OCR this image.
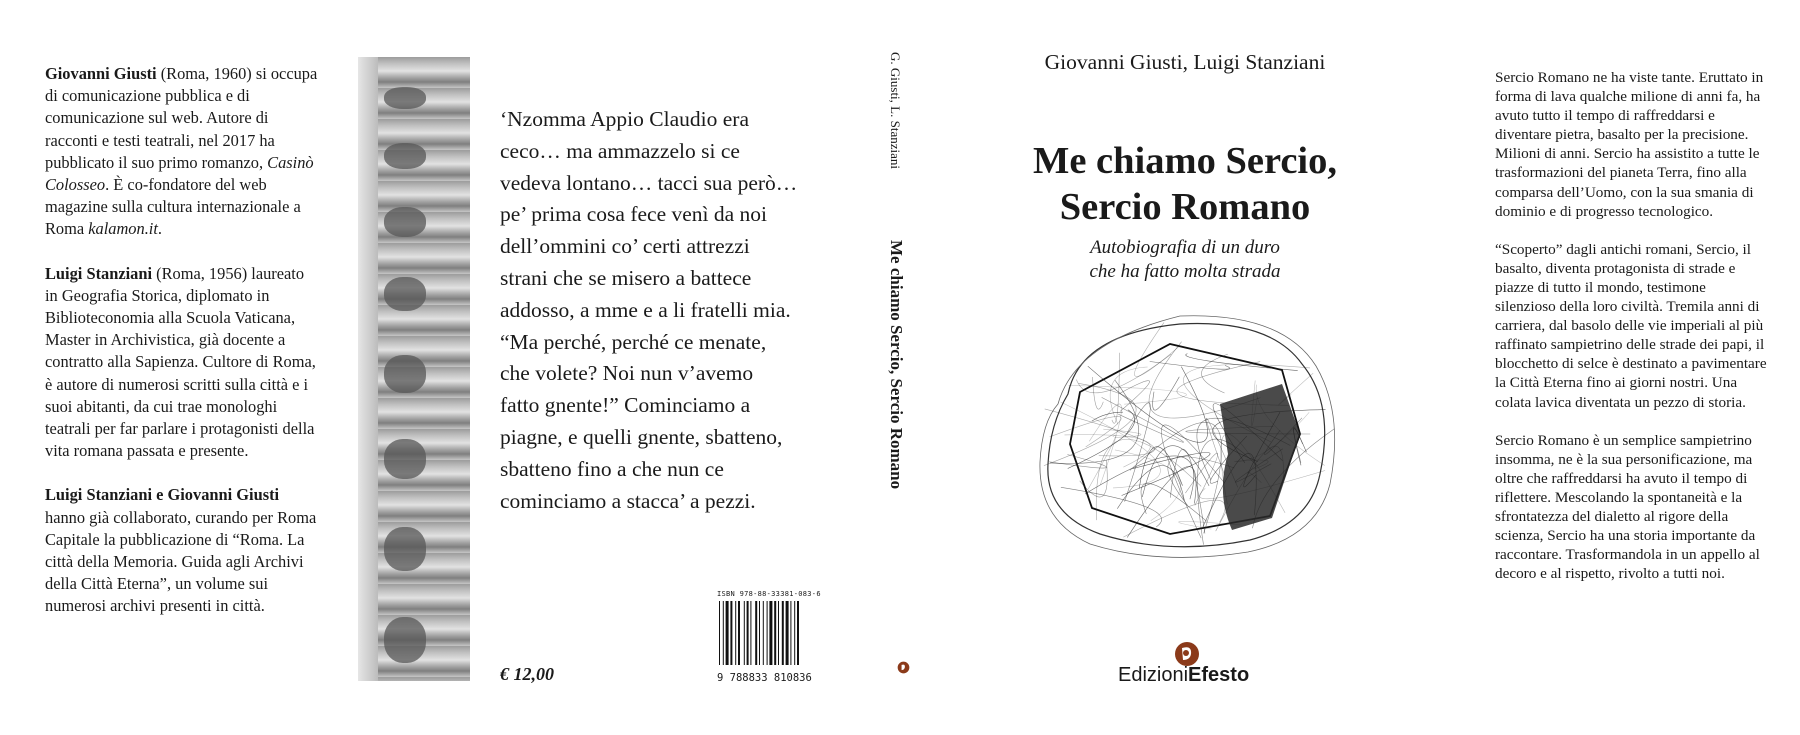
Giovanni Giusti (Roma, 1960) si occupa di comunicazione pubblica e di comunicazione sul web. Autore di racconti e testi teatrali, nel 2017 ha pubblicato il suo primo romanzo, Casinò Colosseo. È co-fondatore del web magazine sulla cultura internazionale a Roma kalamon.it.

Luigi Stanziani (Roma, 1956) laureato in Geografia Storica, diplomato in Biblioteconomia alla Scuola Vaticana, Master in Archivistica, già docente a contratto alla Sapienza. Cultore di Roma, è autore di numerosi scritti sulla città e i suoi abitanti, da cui trae monologhi teatrali per far parlare i protagonisti della vita romana passata e presente.

Luigi Stanziani e Giovanni Giusti hanno già collaborato, curando per Roma Capitale la pubblicazione di “Roma. La città della Memoria. Guida agli Archivi della Città Eterna”, un volume sui numerosi archivi presenti in città.

‘Nzomma Appio Claudio era
ceco… ma ammazzelo si ce
vedeva lontano… tacci sua però…
pe’ prima cosa fece venì da noi
dell’ommini co’ certi attrezzi
strani che se misero a battece
addosso, a mme e a li fratelli mia.
“Ma perché, perché ce menate,
che volete? Noi nun v’avemo
fatto gnente!” Cominciamo a
piagne, e quelli gnente, sbatteno,
sbatteno fino a che nun ce
cominciamo a stacca’ a pezzi.
€ 12,00
ISBN 978-88-33381-083-6
9 788833 810836
G. Giusti, L. Stanziani
Me chiamo Sercio, Sercio Romano
Giovanni Giusti, Luigi Stanziani
Me chiamo Sercio,
Sercio Romano
Autobiografia di un duro
che ha fatto molta strada
EdizioniEfesto

Sercio Romano ne ha viste tante. Eruttato in forma di lava qualche milione di anni fa, ha avuto tutto il tempo di raffreddarsi e diventare pietra, basalto per la precisione. Milioni di anni. Sercio ha assistito a tutte le trasformazioni del pianeta Terra, fino alla comparsa dell’Uomo, con la sua smania di dominio e di progresso tecnologico.

“Scoperto” dagli antichi romani, Sercio, il basalto, diventa protagonista di strade e piazze di tutto il mondo, testimone silenzioso della loro civiltà. Tremila anni di carriera, dal basolo delle vie imperiali al più raffinato sampietrino delle strade dei papi, il blocchetto di selce è destinato a pavimentare la Città Eterna fino ai giorni nostri. Una colata lavica diventata un pezzo di storia.

Sercio Romano è un semplice sampietrino insomma, ne è la sua personificazione, ma oltre che raffreddarsi ha avuto il tempo di riflettere. Mescolando la spontaneità e la sfrontatezza del dialetto al rigore della scienza, Sercio ha una storia importante da raccontare. Trasformandola in un appello al decoro e al rispetto, rivolto a tutti noi.
